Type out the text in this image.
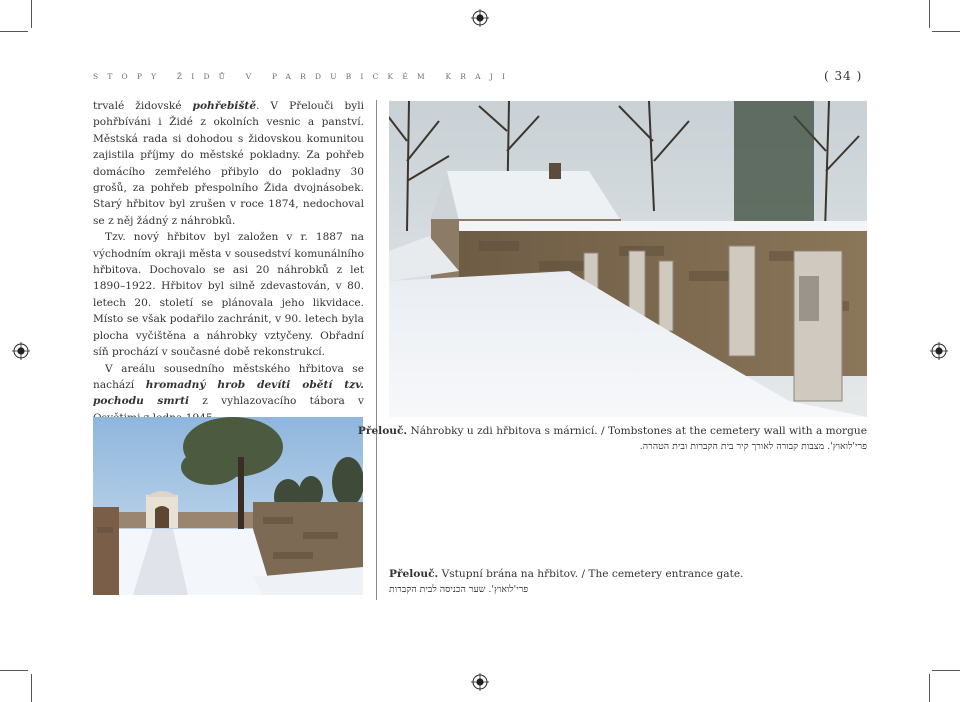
STOPY ŽIDŮ V PARDUBICKÉM KRAJI	( 34 )

trvalé židovské pohřebiště. V Přelouči byli pohřbíváni i Židé z okolních vesnic a panství. Městská rada si dohodou s židovskou komunitou zajistila příjmy do městské pokladny. Za pohřeb domácího zemřelého přibylo do pokladny 30 grošů, za pohřeb přespolního Žida dvojnásobek. Starý hřbitov byl zrušen v roce 1874, nedochoval se z něj žádný z náhrobků.

Tzv. nový hřbitov byl založen v r. 1887 na východním okraji města v sousedství komunálního hřbitova. Dochovalo se asi 20 náhrobků z let 1890–1922. Hřbitov byl silně zdevastován, v 80. letech 20. století se plánovala jeho likvidace. Místo se však podařilo zachránit, v 90. letech byla plocha vyčištěna a náhrobky vztyčeny. Obřadní síň prochází v současné době rekonstrukcí.

V areálu sousedního městského hřbitova se nachází hromadný hrob devíti obětí tzv. pochodu smrti z vyhlazovacího tábora v

Přelouč. Náhrobky u zdi hřbitova s márnicí. / Tombstones at the cemetery wall with a morgue
פרי'לואוץ'. מצבות קבורה לאורך קיר בית הקברות ובית הטהרה.
Přelouč. Vstupní brána na hřbitov. / The cemetery entrance gate.
פרי'לואוץ'. שער הכניסה לבית הקברות
